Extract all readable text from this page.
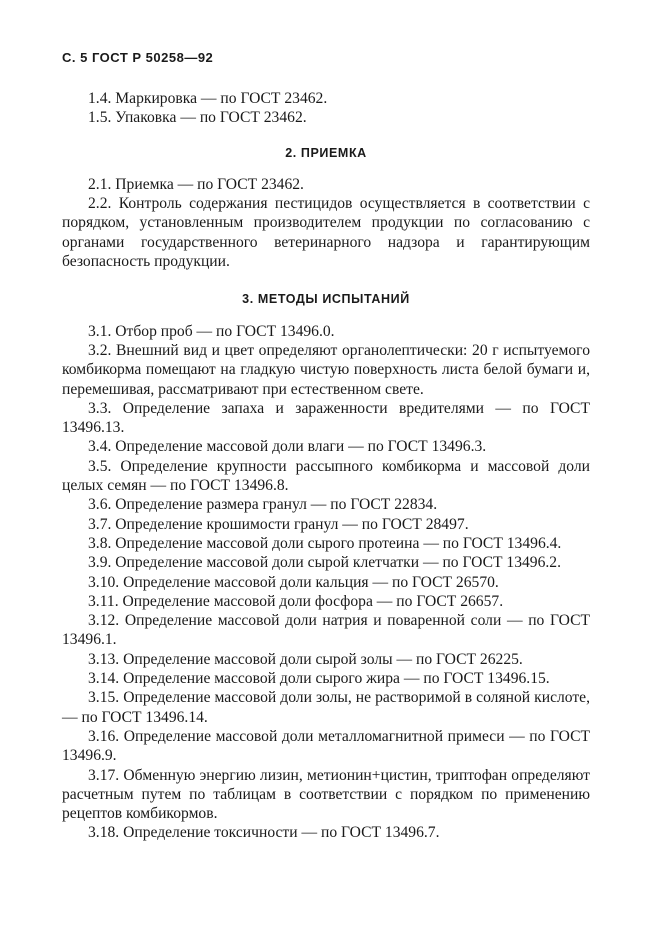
С. 5 ГОСТ Р 50258—92

1.4. Маркировка — по ГОСТ 23462.

1.5. Упаковка — по ГОСТ 23462.

2. ПРИЕМКА

2.1. Приемка — по ГОСТ 23462.

2.2. Контроль содержания пестицидов осуществляется в соответствии с порядком, установленным производителем продукции по согласованию с органами государственного ветеринарного надзора и гарантирующим безопасность продукции.

3. МЕТОДЫ ИСПЫТАНИЙ

3.1. Отбор проб — по ГОСТ 13496.0.

3.2. Внешний вид и цвет определяют органолептически: 20 г испытуемого комбикорма помещают на гладкую чистую поверхность листа белой бумаги и, перемешивая, рассматривают при естественном свете.

3.3. Определение запаха и зараженности вредителями — по ГОСТ 13496.13.

3.4. Определение массовой доли влаги — по ГОСТ 13496.3.

3.5. Определение крупности рассыпного комбикорма и массовой доли целых семян — по ГОСТ 13496.8.

3.6. Определение размера гранул — по ГОСТ 22834.

3.7. Определение крошимости гранул — по ГОСТ 28497.

3.8. Определение массовой доли сырого протеина — по ГОСТ 13496.4.

3.9. Определение массовой доли сырой клетчатки — по ГОСТ 13496.2.

3.10. Определение массовой доли кальция — по ГОСТ 26570.

3.11. Определение массовой доли фосфора — по ГОСТ 26657.

3.12. Определение массовой доли натрия и поваренной соли — по ГОСТ 13496.1.

3.13. Определение массовой доли сырой золы — по ГОСТ 26225.

3.14. Определение массовой доли сырого жира — по ГОСТ 13496.15.

3.15. Определение массовой доли золы, не растворимой в соляной кислоте, — по ГОСТ 13496.14.

3.16. Определение массовой доли металломагнитной примеси — по ГОСТ 13496.9.

3.17. Обменную энергию лизин, метионин+цистин, триптофан определяют расчетным путем по таблицам в соответствии с порядком по применению рецептов комбикормов.

3.18. Определение токсичности — по ГОСТ 13496.7.
